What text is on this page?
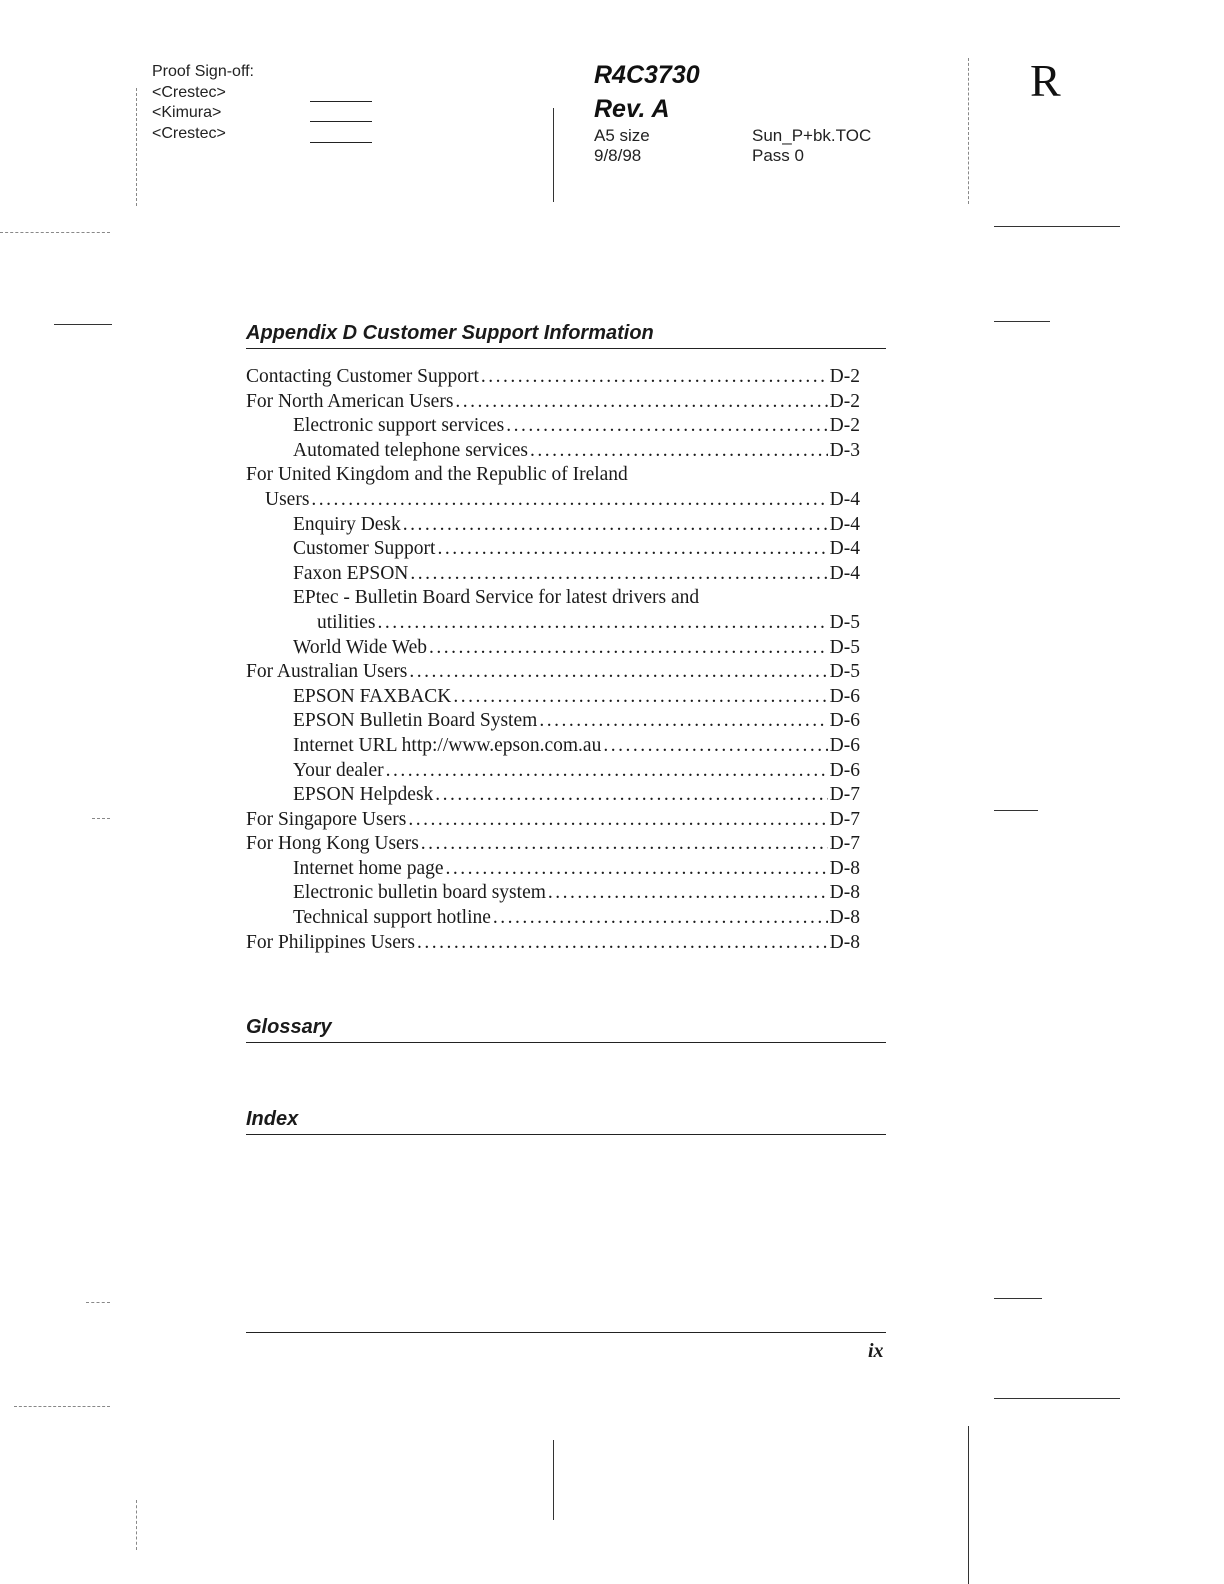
Proof Sign-off:
<Crestec>
<Kimura>
<Crestec>
R4C3730
Rev. A
A5 size
9/8/98
Sun_P+bk.TOC
Pass 0
R
Appendix D Customer Support Information
Contacting Customer Support .....	D-2
For North American Users .....	D-2
Electronic support services .....	D-2
Automated telephone services .....	D-3
For United Kingdom and the Republic of Ireland
Users .....	D-4
Enquiry Desk .....	D-4
Customer Support .....	D-4
Faxon EPSON .....	D-4
EPtec - Bulletin Board Service for latest drivers and
utilities .....	D-5
World Wide Web .....	D-5
For Australian Users .....	D-5
EPSON FAXBACK .....	D-6
EPSON Bulletin Board System .....	D-6
Internet URL http://www.epson.com.au .....	D-6
Your dealer .....	D-6
EPSON Helpdesk .....	D-7
For Singapore Users .....	D-7
For Hong Kong Users .....	D-7
Internet home page .....	D-8
Electronic bulletin board system .....	D-8
Technical support hotline .....	D-8
For Philippines Users .....	D-8
Glossary
Index
ix
